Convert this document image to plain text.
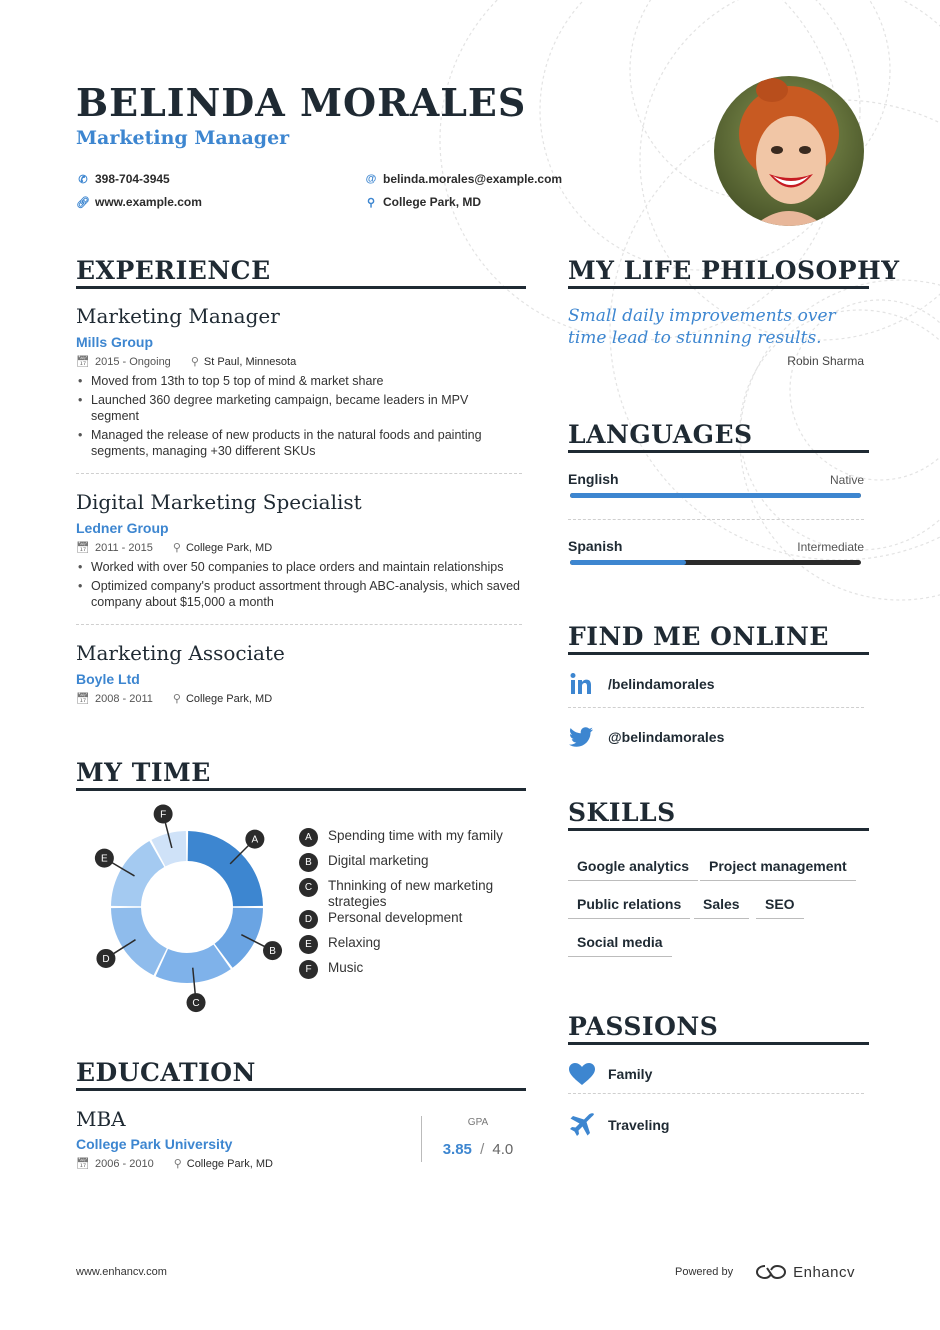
BELINDA MORALES
Marketing Manager
✆ 398-704-3945
🔗︎ www.example.com
@ belinda.morales@example.com
⚲ College Park, MD
EXPERIENCE
Marketing Manager
Mills Group
📅︎ 2015 - Ongoing ⚲ St Paul, Minnesota
• Moved from 13th to top 5 top of mind & market share
• Launched 360 degree marketing campaign, became leaders in MPV segment
• Managed the release of new products in the natural foods and painting segments, managing +30 different SKUs
Digital Marketing Specialist
Ledner Group
📅︎ 2011 - 2015 ⚲ College Park, MD
• Worked with over 50 companies to place orders and maintain relationships
• Optimized company's product assortment through ABC-analysis, which saved company about $15,000 a month
Marketing Associate
Boyle Ltd
📅︎ 2008 - 2011 ⚲ College Park, MD
MY TIME
A
B
C
D
E
F
A	Spending time with my family
B	Digital marketing
C	Thninking of new marketing strategies
D	Personal development
E	Relaxing
F	Music
EDUCATION
MBA
College Park University
📅︎ 2006 - 2010 ⚲ College Park, MD
GPA
3.85 / 4.0
MY LIFE PHILOSOPHY
Small daily improvements over time lead to stunning results.
Robin Sharma
LANGUAGES
English	Native
Spanish	Intermediate
FIND ME ONLINE
/belindamorales
@belindamorales
SKILLS
Google analytics	Project management
Public relations	Sales	SEO
Social media
PASSIONS
Family
Traveling
www.enhancv.com	Powered by	Enhancv
